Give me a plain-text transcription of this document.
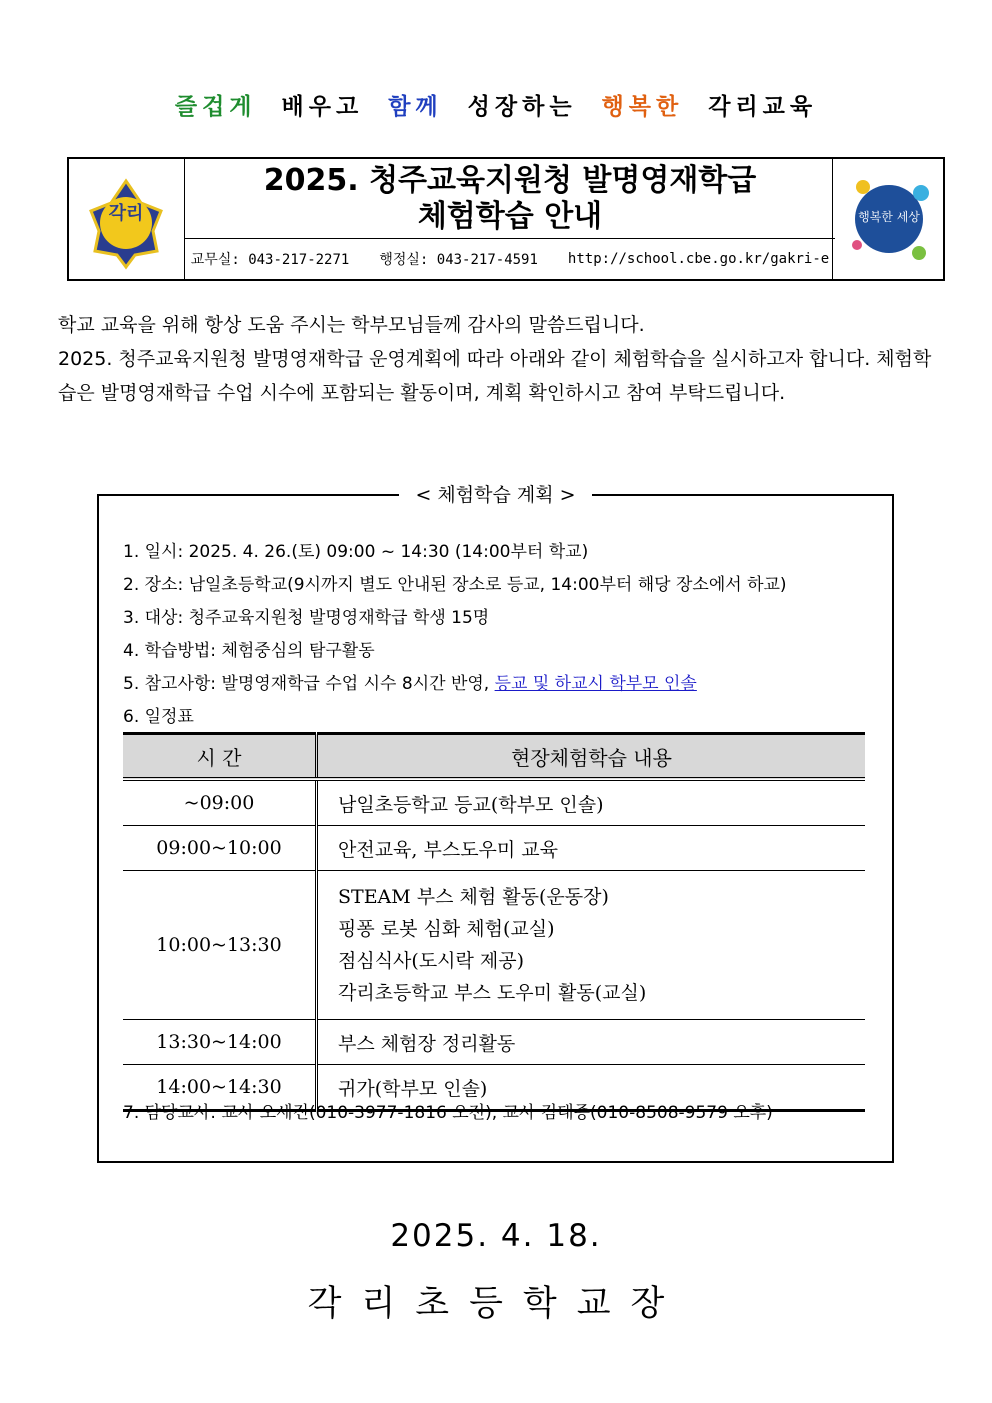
즐겁게 배우고 함께 성장하는 행복한 각리교육
각리
2025. 청주교육지원청 발명영재학급
체험학습 안내
교무실: 043-217-2271 행정실: 043-217-4591 http://school.cbe.go.kr/gakri-e
행복한 세상

학교 교육을 위해 항상 도움 주시는 학부모님들께 감사의 말씀드립니다.

2025. 청주교육지원청 발명영재학급 운영계획에 따라 아래와 같이 체험학습을 실시하고자 합니다. 체험학습은 발명영재학급 수업 시수에 포함되는 활동이며, 계획 확인하시고 참여 부탁드립니다.

< 체험학습 계획 >
1. 일시: 2025. 4. 26.(토) 09:00 ~ 14:30 (14:00부터 학교)
2. 장소: 남일초등학교(9시까지 별도 안내된 장소로 등교, 14:00부터 해당 장소에서 하교)
3. 대상: 청주교육지원청 발명영재학급 학생 15명
4. 학습방법: 체험중심의 탐구활동
5. 참고사항: 발명영재학급 수업 시수 8시간 반영, 등교 및 하교시 학부모 인솔
6. 일정표
시 간	현장체험학습 내용
~09:00	남일초등학교 등교(학부모 인솔)
09:00~10:00	안전교육, 부스도우미 교육
10:00~13:30	STEAM 부스 체험 활동(운동장)
핑퐁 로봇 심화 체험(교실)
점심식사(도시락 제공)
각리초등학교 부스 도우미 활동(교실)

13:30~14:00	부스 체험장 정리활동
14:00~14:30	귀가(학부모 인솔)
7. 담당교사: 교사 오세진(010-3977-1816 오전), 교사 김태종(010-8508-9579 오후)
2025. 4. 18.
각리초등학교장
